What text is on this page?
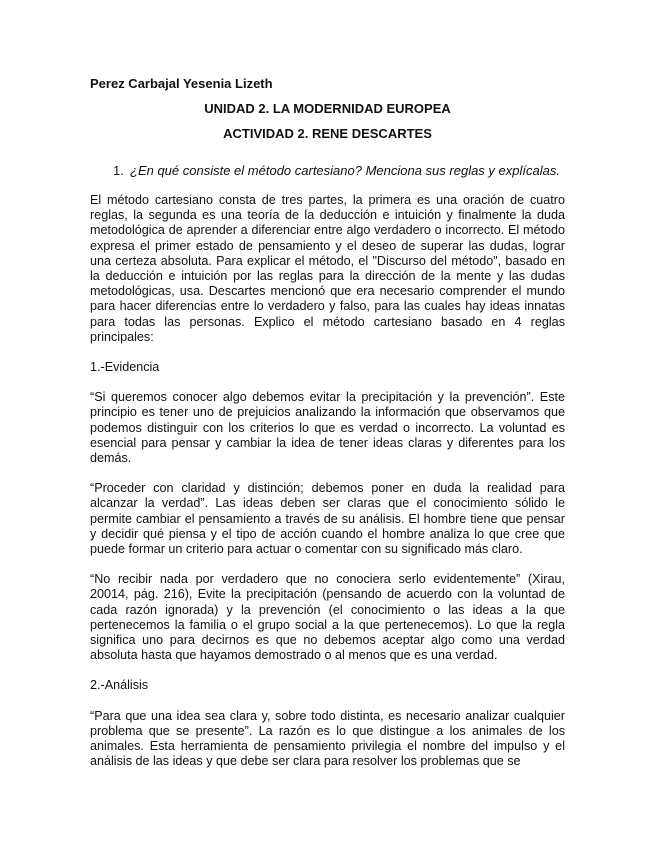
Perez Carbajal Yesenia Lizeth
UNIDAD 2. LA MODERNIDAD EUROPEA
ACTIVIDAD 2. RENE DESCARTES
1. ¿En qué consiste el método cartesiano? Menciona sus reglas y explícalas.

El método cartesiano consta de tres partes, la primera es una oración de cuatro reglas, la segunda es una teoría de la deducción e intuición y finalmente la duda metodológica de aprender a diferenciar entre algo verdadero o incorrecto. El método expresa el primer estado de pensamiento y el deseo de superar las dudas, lograr una certeza absoluta. Para explicar el método, el "Discurso del método", basado en la deducción e intuición por las reglas para la dirección de la mente y las dudas metodológicas, usa. Descartes mencionó que era necesario comprender el mundo para hacer diferencias entre lo verdadero y falso, para las cuales hay ideas innatas para todas las personas. Explico el método cartesiano basado en 4 reglas principales:

1.-Evidencia

“Si queremos conocer algo debemos evitar la precipitación y la prevención”. Este principio es tener uno de prejuicios analizando la información que observamos que podemos distinguir con los criterios lo que es verdad o incorrecto. La voluntad es esencial para pensar y cambiar la idea de tener ideas claras y diferentes para los demás.

“Proceder con claridad y distinción; debemos poner en duda la realidad para alcanzar la verdad”. Las ideas deben ser claras que el conocimiento sólido le permite cambiar el pensamiento a través de su análisis. El hombre tiene que pensar y decidir qué piensa y el tipo de acción cuando el hombre analiza lo que cree que puede formar un criterio para actuar o comentar con su significado más claro.

“No recibir nada por verdadero que no conociera serlo evidentemente” (Xirau, 20014, pág. 216), Evite la precipitación (pensando de acuerdo con la voluntad de cada razón ignorada) y la prevención (el conocimiento o las ideas a la que pertenecemos la familia o el grupo social a la que pertenecemos). Lo que la regla significa uno para decirnos es que no debemos aceptar algo como una verdad absoluta hasta que hayamos demostrado o al menos que es una verdad.

2.-Análisis

“Para que una idea sea clara y, sobre todo distinta, es necesario analizar cualquier problema que se presente”. La razón es lo que distingue a los animales de los animales. Esta herramienta de pensamiento privilegia el nombre del impulso y el análisis de las ideas y que debe ser clara para resolver los problemas que se
